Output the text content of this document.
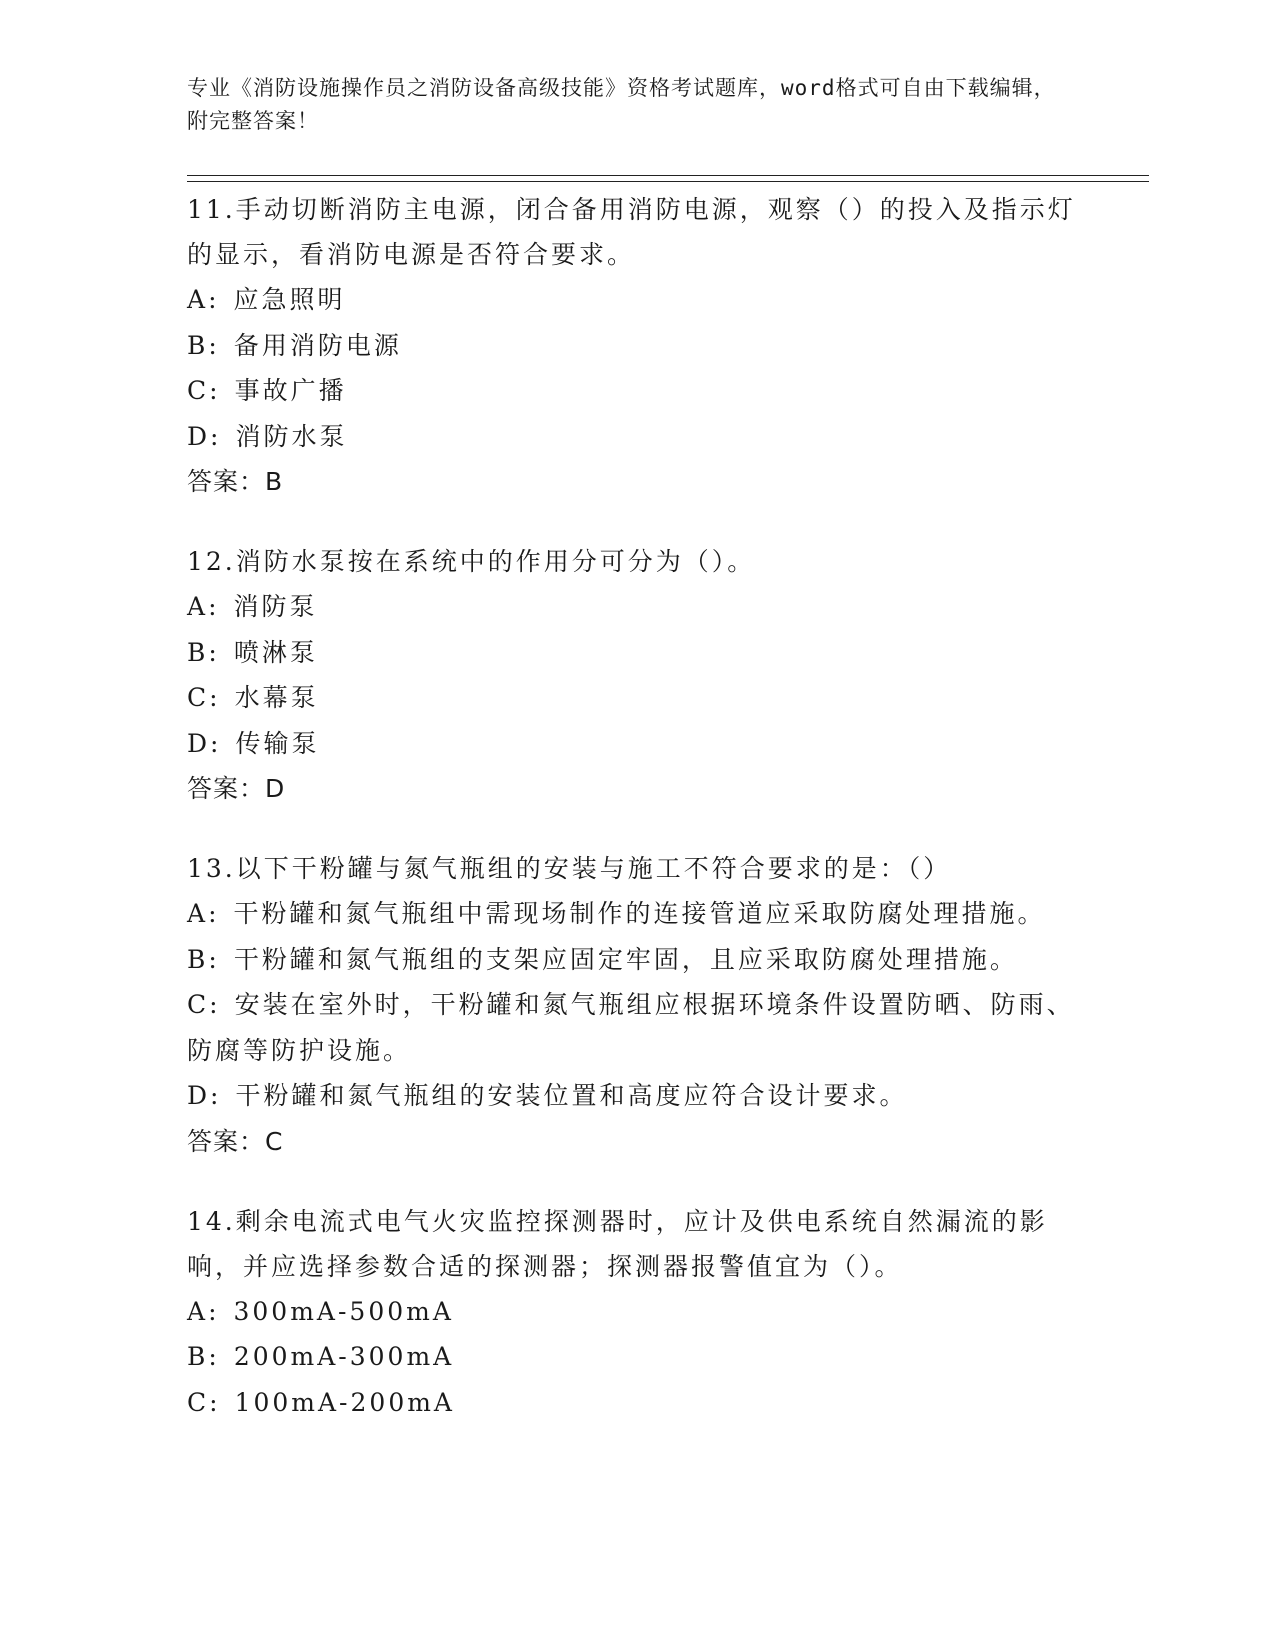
专业《消防设施操作员之消防设备高级技能》资格考试题库，word格式可自由下载编辑，附完整答案！
11.手动切断消防主电源，闭合备用消防电源，观察（）的投入及指示灯的显示，看消防电源是否符合要求。
A: 应急照明
B: 备用消防电源
C: 事故广播
D: 消防水泵
答案：B
12.消防水泵按在系统中的作用分可分为（）。
A: 消防泵
B: 喷淋泵
C: 水幕泵
D: 传输泵
答案：D
13.以下干粉罐与氮气瓶组的安装与施工不符合要求的是：（）
A: 干粉罐和氮气瓶组中需现场制作的连接管道应采取防腐处理措施。
B: 干粉罐和氮气瓶组的支架应固定牢固，且应采取防腐处理措施。
C: 安装在室外时，干粉罐和氮气瓶组应根据环境条件设置防晒、防雨、防腐等防护设施。
D: 干粉罐和氮气瓶组的安装位置和高度应符合设计要求。
答案：C
14.剩余电流式电气火灾监控探测器时，应计及供电系统自然漏流的影响，并应选择参数合适的探测器；探测器报警值宜为（）。
A: 300mA-500mA
B: 200mA-300mA
C: 100mA-200mA
